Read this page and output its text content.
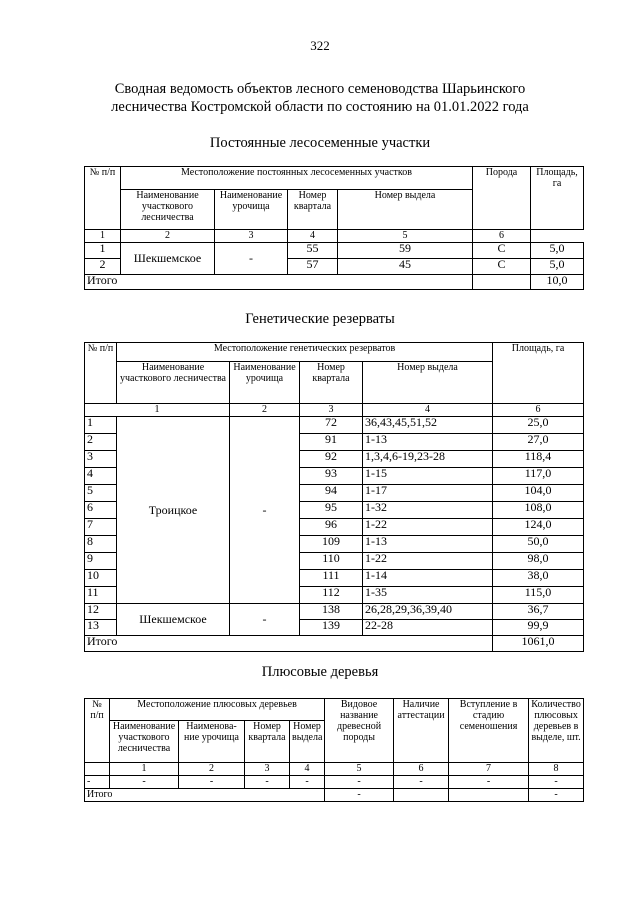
322
Сводная ведомость объектов лесного семеноводства Шарьинского
лесничества Костромской области по состоянию на 01.01.2022 года
Постоянные лесосеменные участки
№ п/п	Местоположение постоянных лесосеменных участков				Порода	Площадь, га
	Наименование участкового лесничества	Наименование урочища	Номер квартала	Номер выдела		
1	2	3	4	5	6	
1	Шекшемское	-	55	59	С	5,0
2			57	45	С	5,0
Итого						10,0
Генетические резерваты
№ п/п	Местоположение генетических резерватов				Площадь, га
	Наименование участкового лесничества	Наименование урочища	Номер квартала	Номер выдела	
1		2	3	4	6
1	Троицкое	-	72	36,43,45,51,52	25,0
2			91	1-13	27,0
3			92	1,3,4,6-19,23-28	118,4
4			93	1-15	117,0
5			94	1-17	104,0
6			95	1-32	108,0
7			96	1-22	124,0
8			109	1-13	50,0
9			110	1-22	98,0
10			111	1-14	38,0
11			112	1-35	115,0
12	Шекшемское	-	138	26,28,29,36,39,40	36,7
13			139	22-28	99,9
Итого					1061,0
Плюсовые деревья
№ п/п	Местоположение плюсовых деревьев				Видовое название древесной породы	Наличие аттестации	Вступление в стадию семеношения	Количество плюсовых деревьев в выделе, шт.
	Наименование участкового лесничества	Наименова-ние урочища	Номер квартала	Номер выдела				
	1	2	3	4	5	6	7	8
-	-	-	-	-	-	-	-	-
Итого					-			-
